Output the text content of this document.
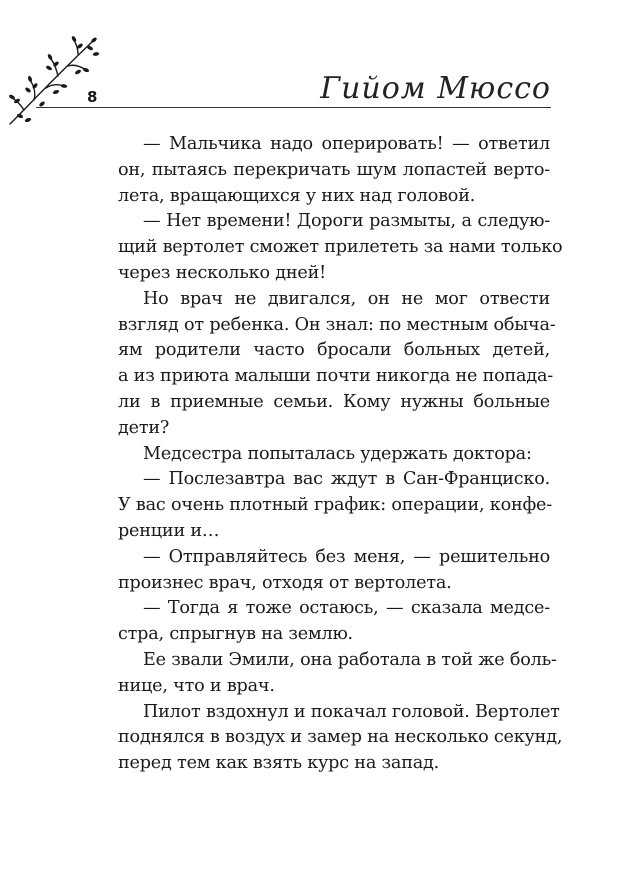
8	Гийом Мюссо
— Мальчика надо оперировать! — ответил
он, пытаясь перекричать шум лопастей верто-
лета, вращающихся у них над головой.
— Нет времени! Дороги размыты, а следую-
щий вертолет сможет прилететь за нами только
через несколько дней!
Но врач не двигался, он не мог отвести
взгляд от ребенка. Он знал: по местным обыча-
ям родители часто бросали больных детей,
а из приюта малыши почти никогда не попада-
ли в приемные семьи. Кому нужны больные
дети?
Медсестра попыталась удержать доктора:
— Послезавтра вас ждут в Сан-Франциско.
У вас очень плотный график: операции, конфе-
ренции и…
— Отправляйтесь без меня, — решительно
произнес врач, отходя от вертолета.
— Тогда я тоже остаюсь, — сказала медсе-
стра, спрыгнув на землю.
Ее звали Эмили, она работала в той же боль-
нице, что и врач.
Пилот вздохнул и покачал головой. Вертолет
поднялся в воздух и замер на несколько секунд,
перед тем как взять курс на запад.
